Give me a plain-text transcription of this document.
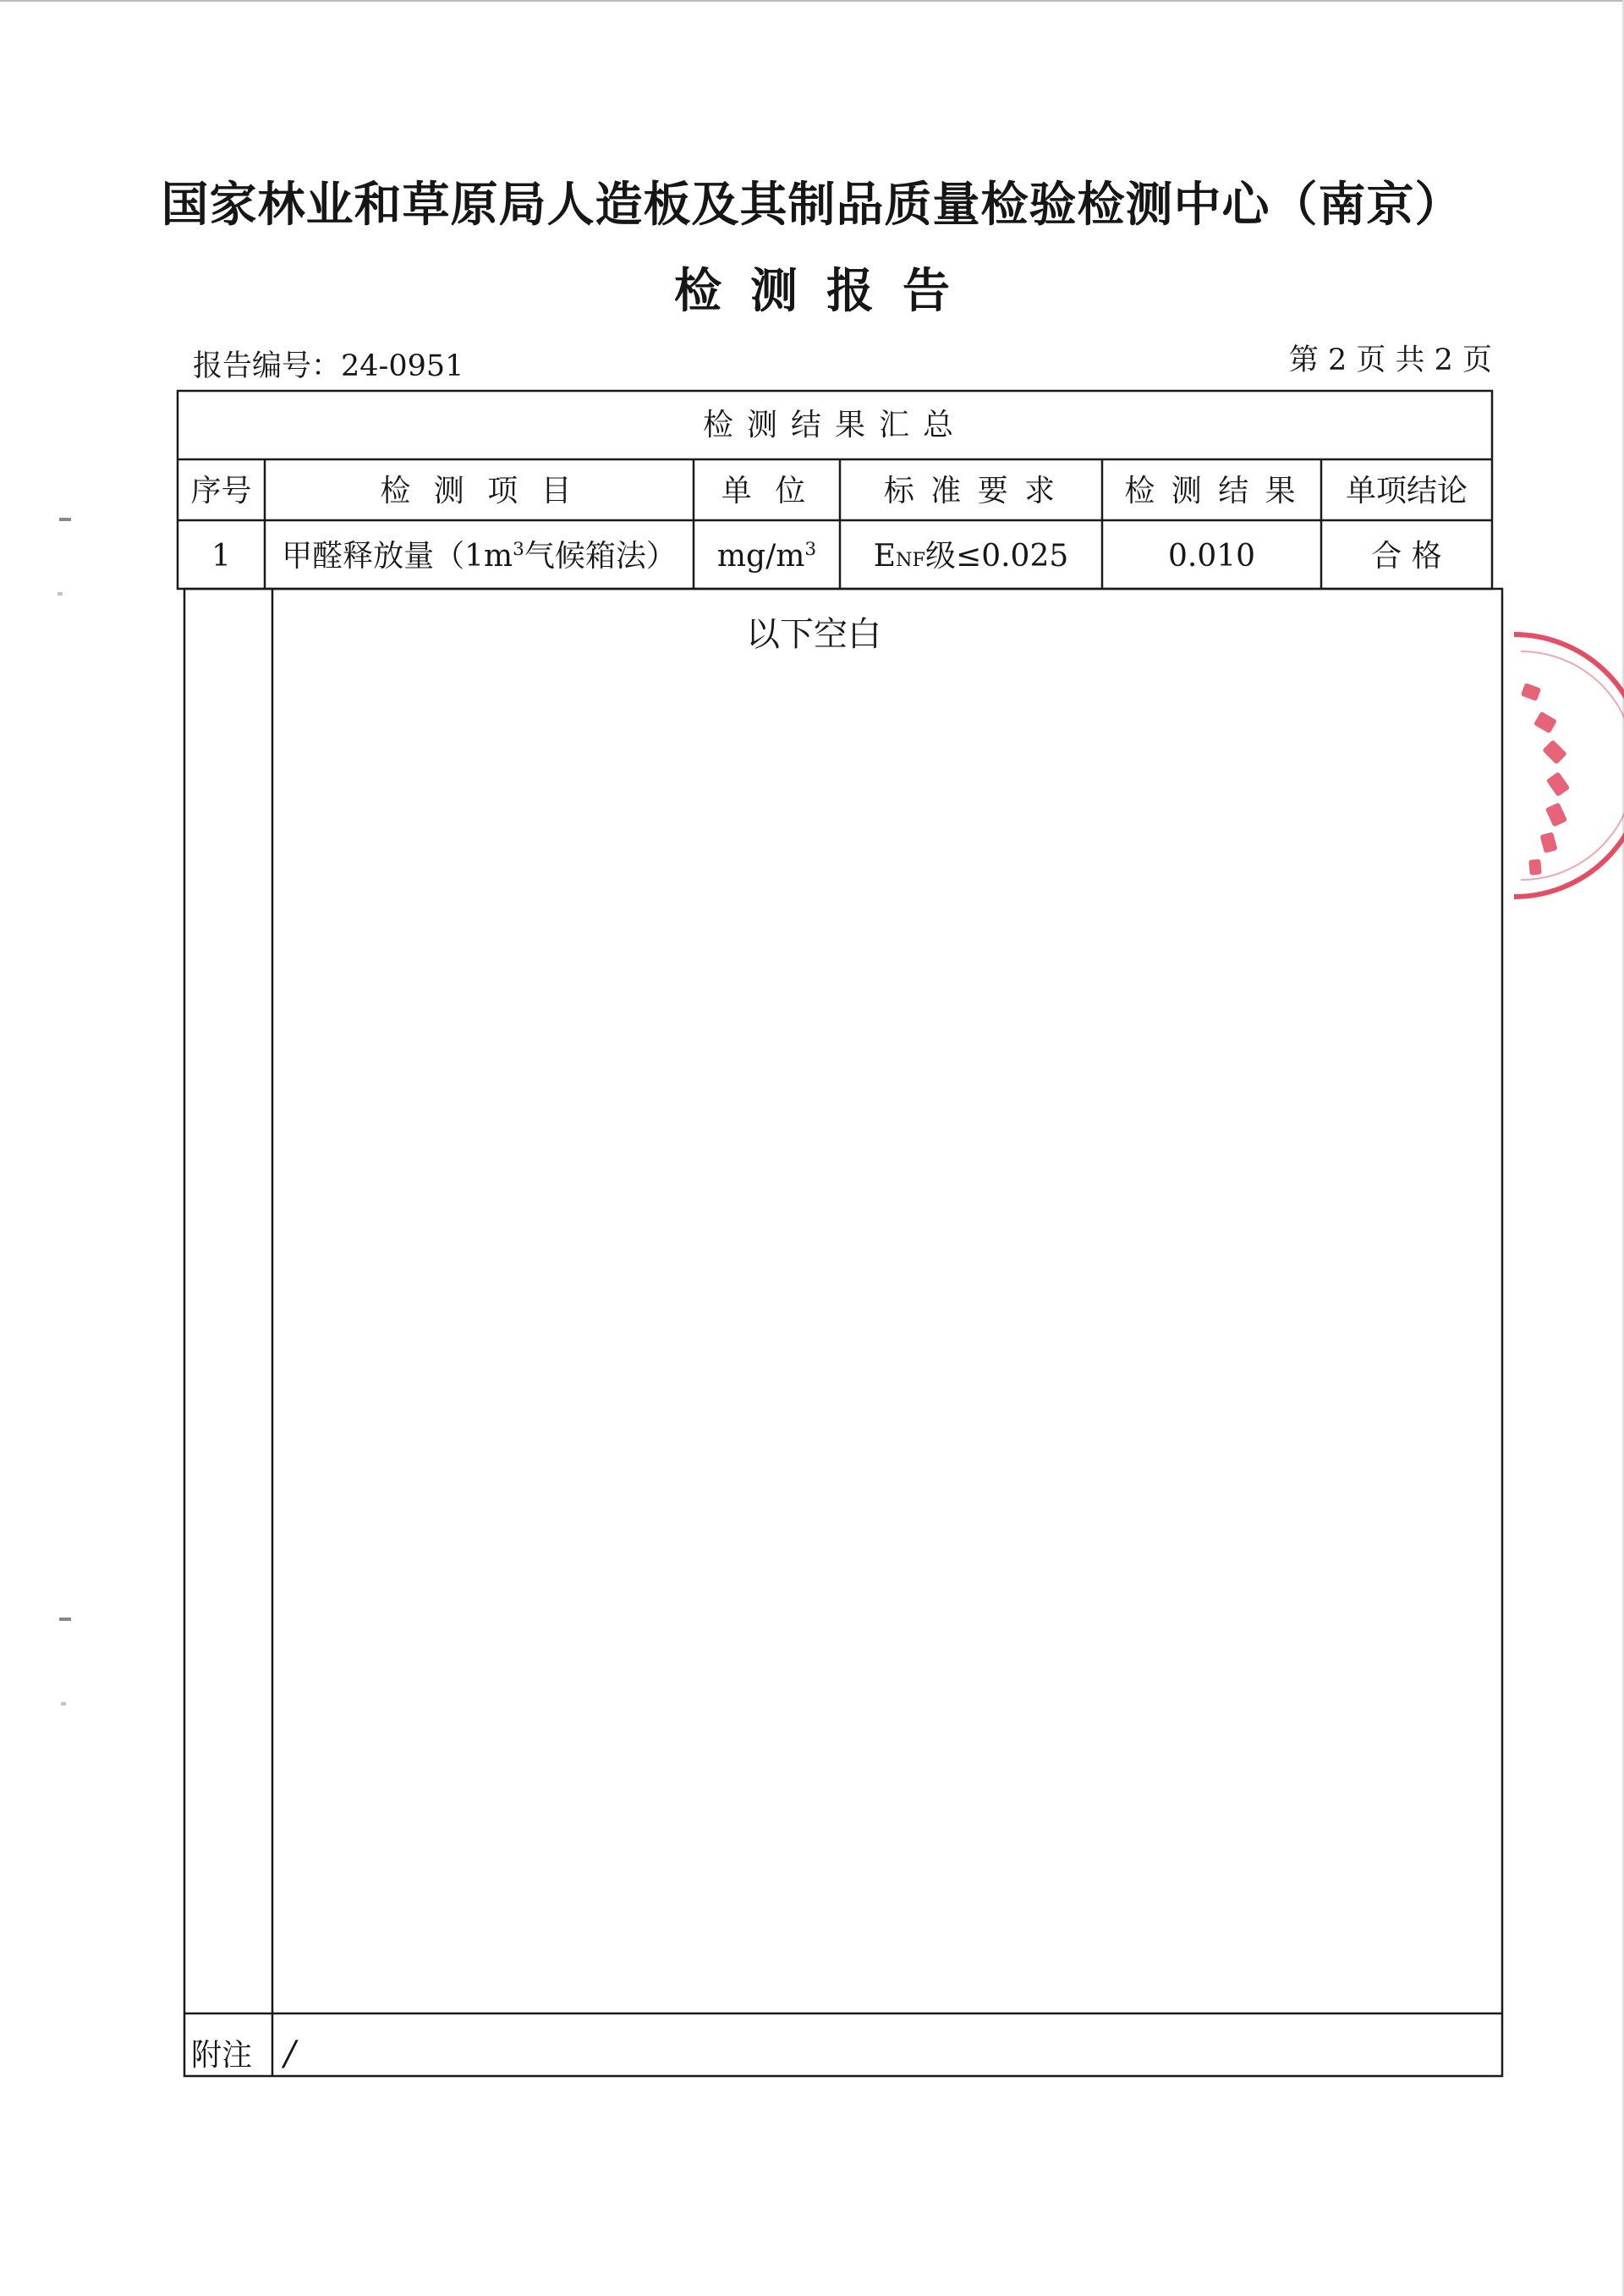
国家林业和草原局人造板及其制品质量检验检测中心（南京）
检测报告
报告编号：24-0951	第 2 页 共 2 页
检测结果汇总
序号	检 测 项 目	单 位	标 准 要 求	检 测 结 果	单项结论
1	甲醛释放量（$1m^3$气候箱法）	$mg/m^3$	ENF级≤0.025	0.010	合 格
以下空白
附注 /
